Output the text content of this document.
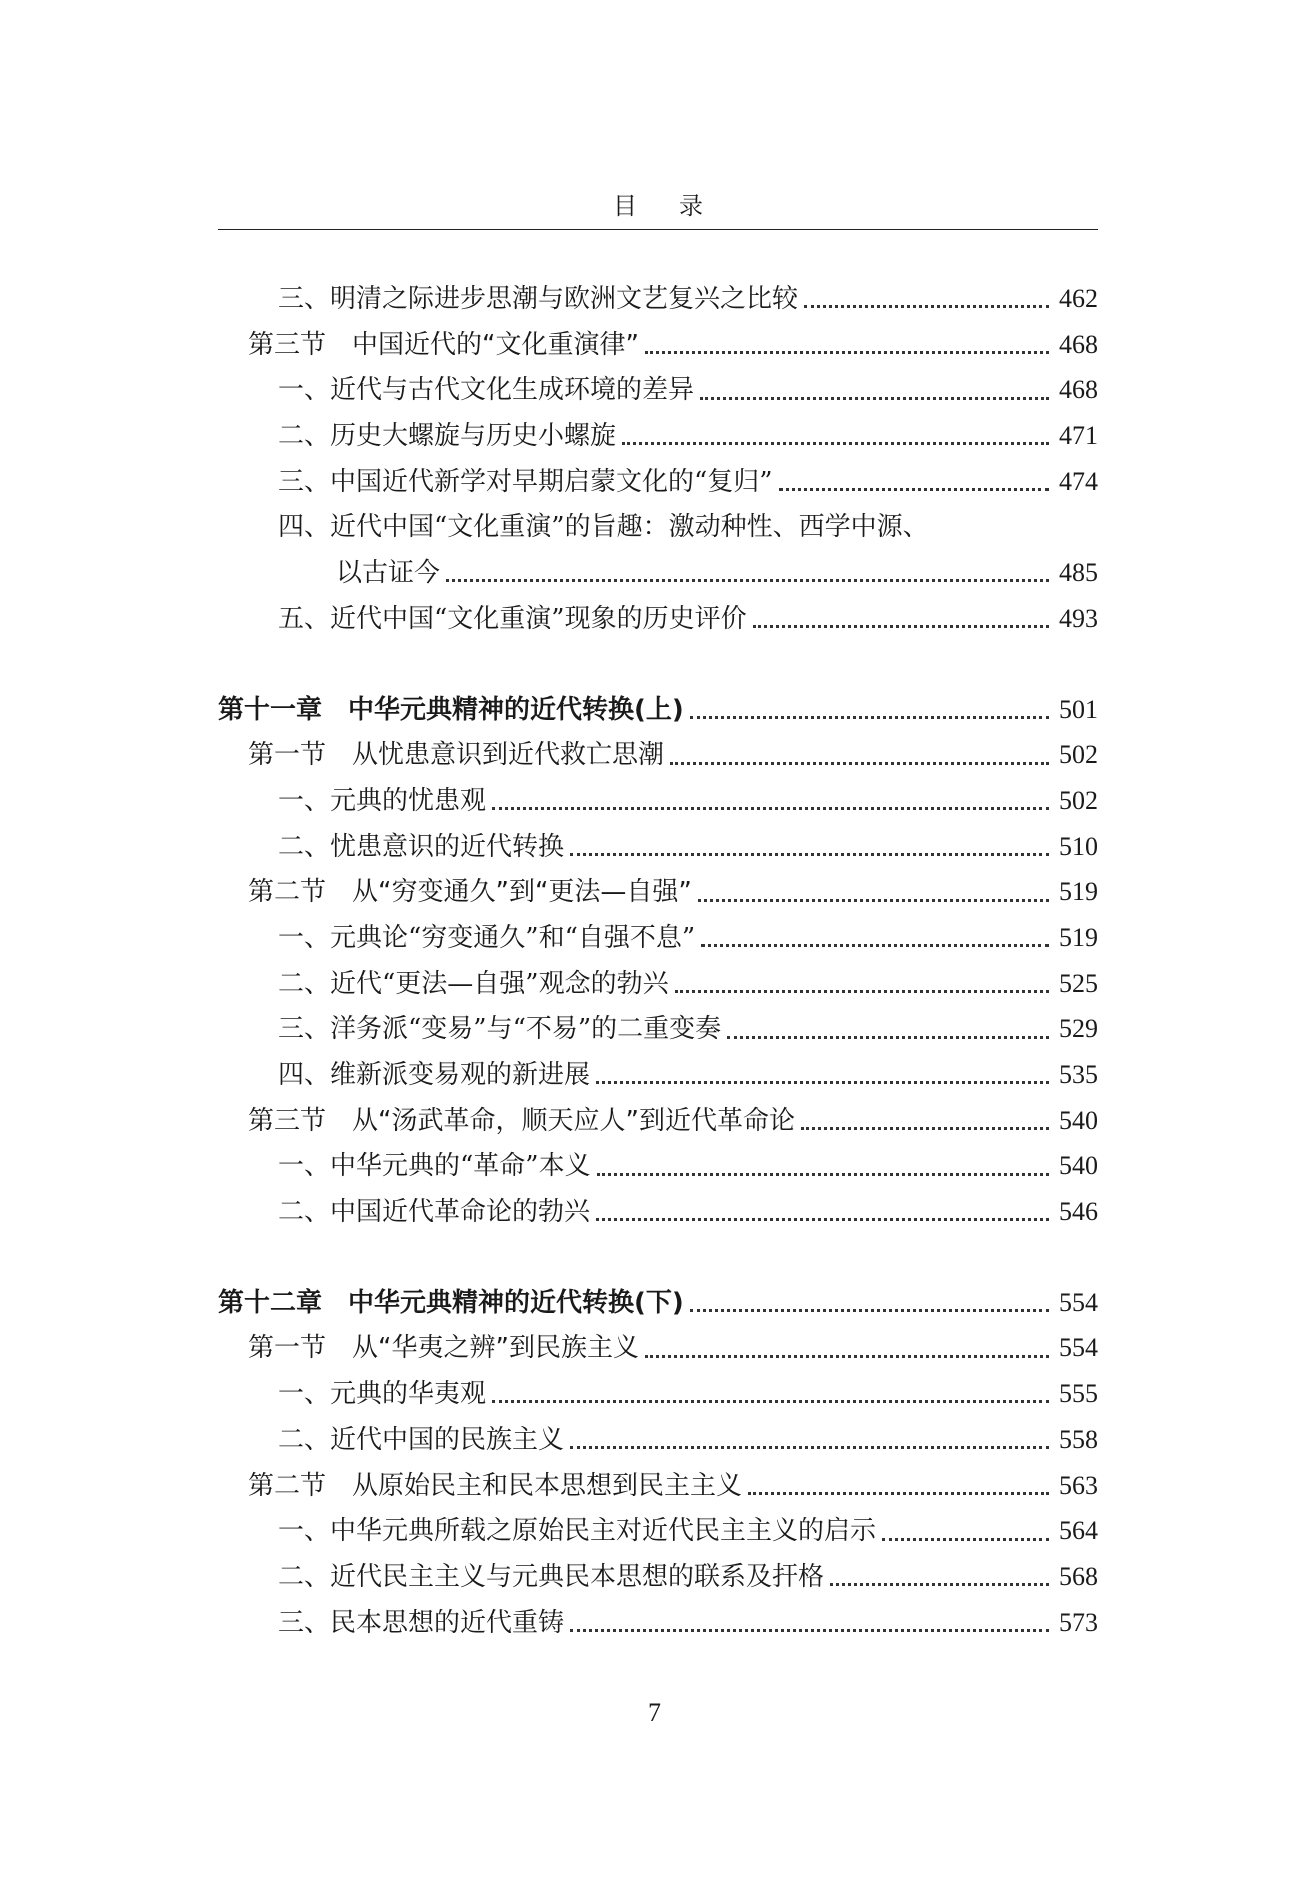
目录
三、明清之际进步思潮与欧洲文艺复兴之比较	462
第三节　中国近代的“文化重演律”	468
一、近代与古代文化生成环境的差异	468
二、历史大螺旋与历史小螺旋	471
三、中国近代新学对早期启蒙文化的“复归”	474
四、近代中国“文化重演”的旨趣：激动种性、西学中源、
以古证今	485
五、近代中国“文化重演”现象的历史评价	493
第十一章　中华元典精神的近代转换(上)	501
第一节　从忧患意识到近代救亡思潮	502
一、元典的忧患观	502
二、忧患意识的近代转换	510
第二节　从“穷变通久”到“更法—自强”	519
一、元典论“穷变通久”和“自强不息”	519
二、近代“更法—自强”观念的勃兴	525
三、洋务派“变易”与“不易”的二重变奏	529
四、维新派变易观的新进展	535
第三节　从“汤武革命，顺天应人”到近代革命论	540
一、中华元典的“革命”本义	540
二、中国近代革命论的勃兴	546
第十二章　中华元典精神的近代转换(下)	554
第一节　从“华夷之辨”到民族主义	554
一、元典的华夷观	555
二、近代中国的民族主义	558
第二节　从原始民主和民本思想到民主主义	563
一、中华元典所载之原始民主对近代民主主义的启示	564
二、近代民主主义与元典民本思想的联系及扞格	568
三、民本思想的近代重铸	573
7
